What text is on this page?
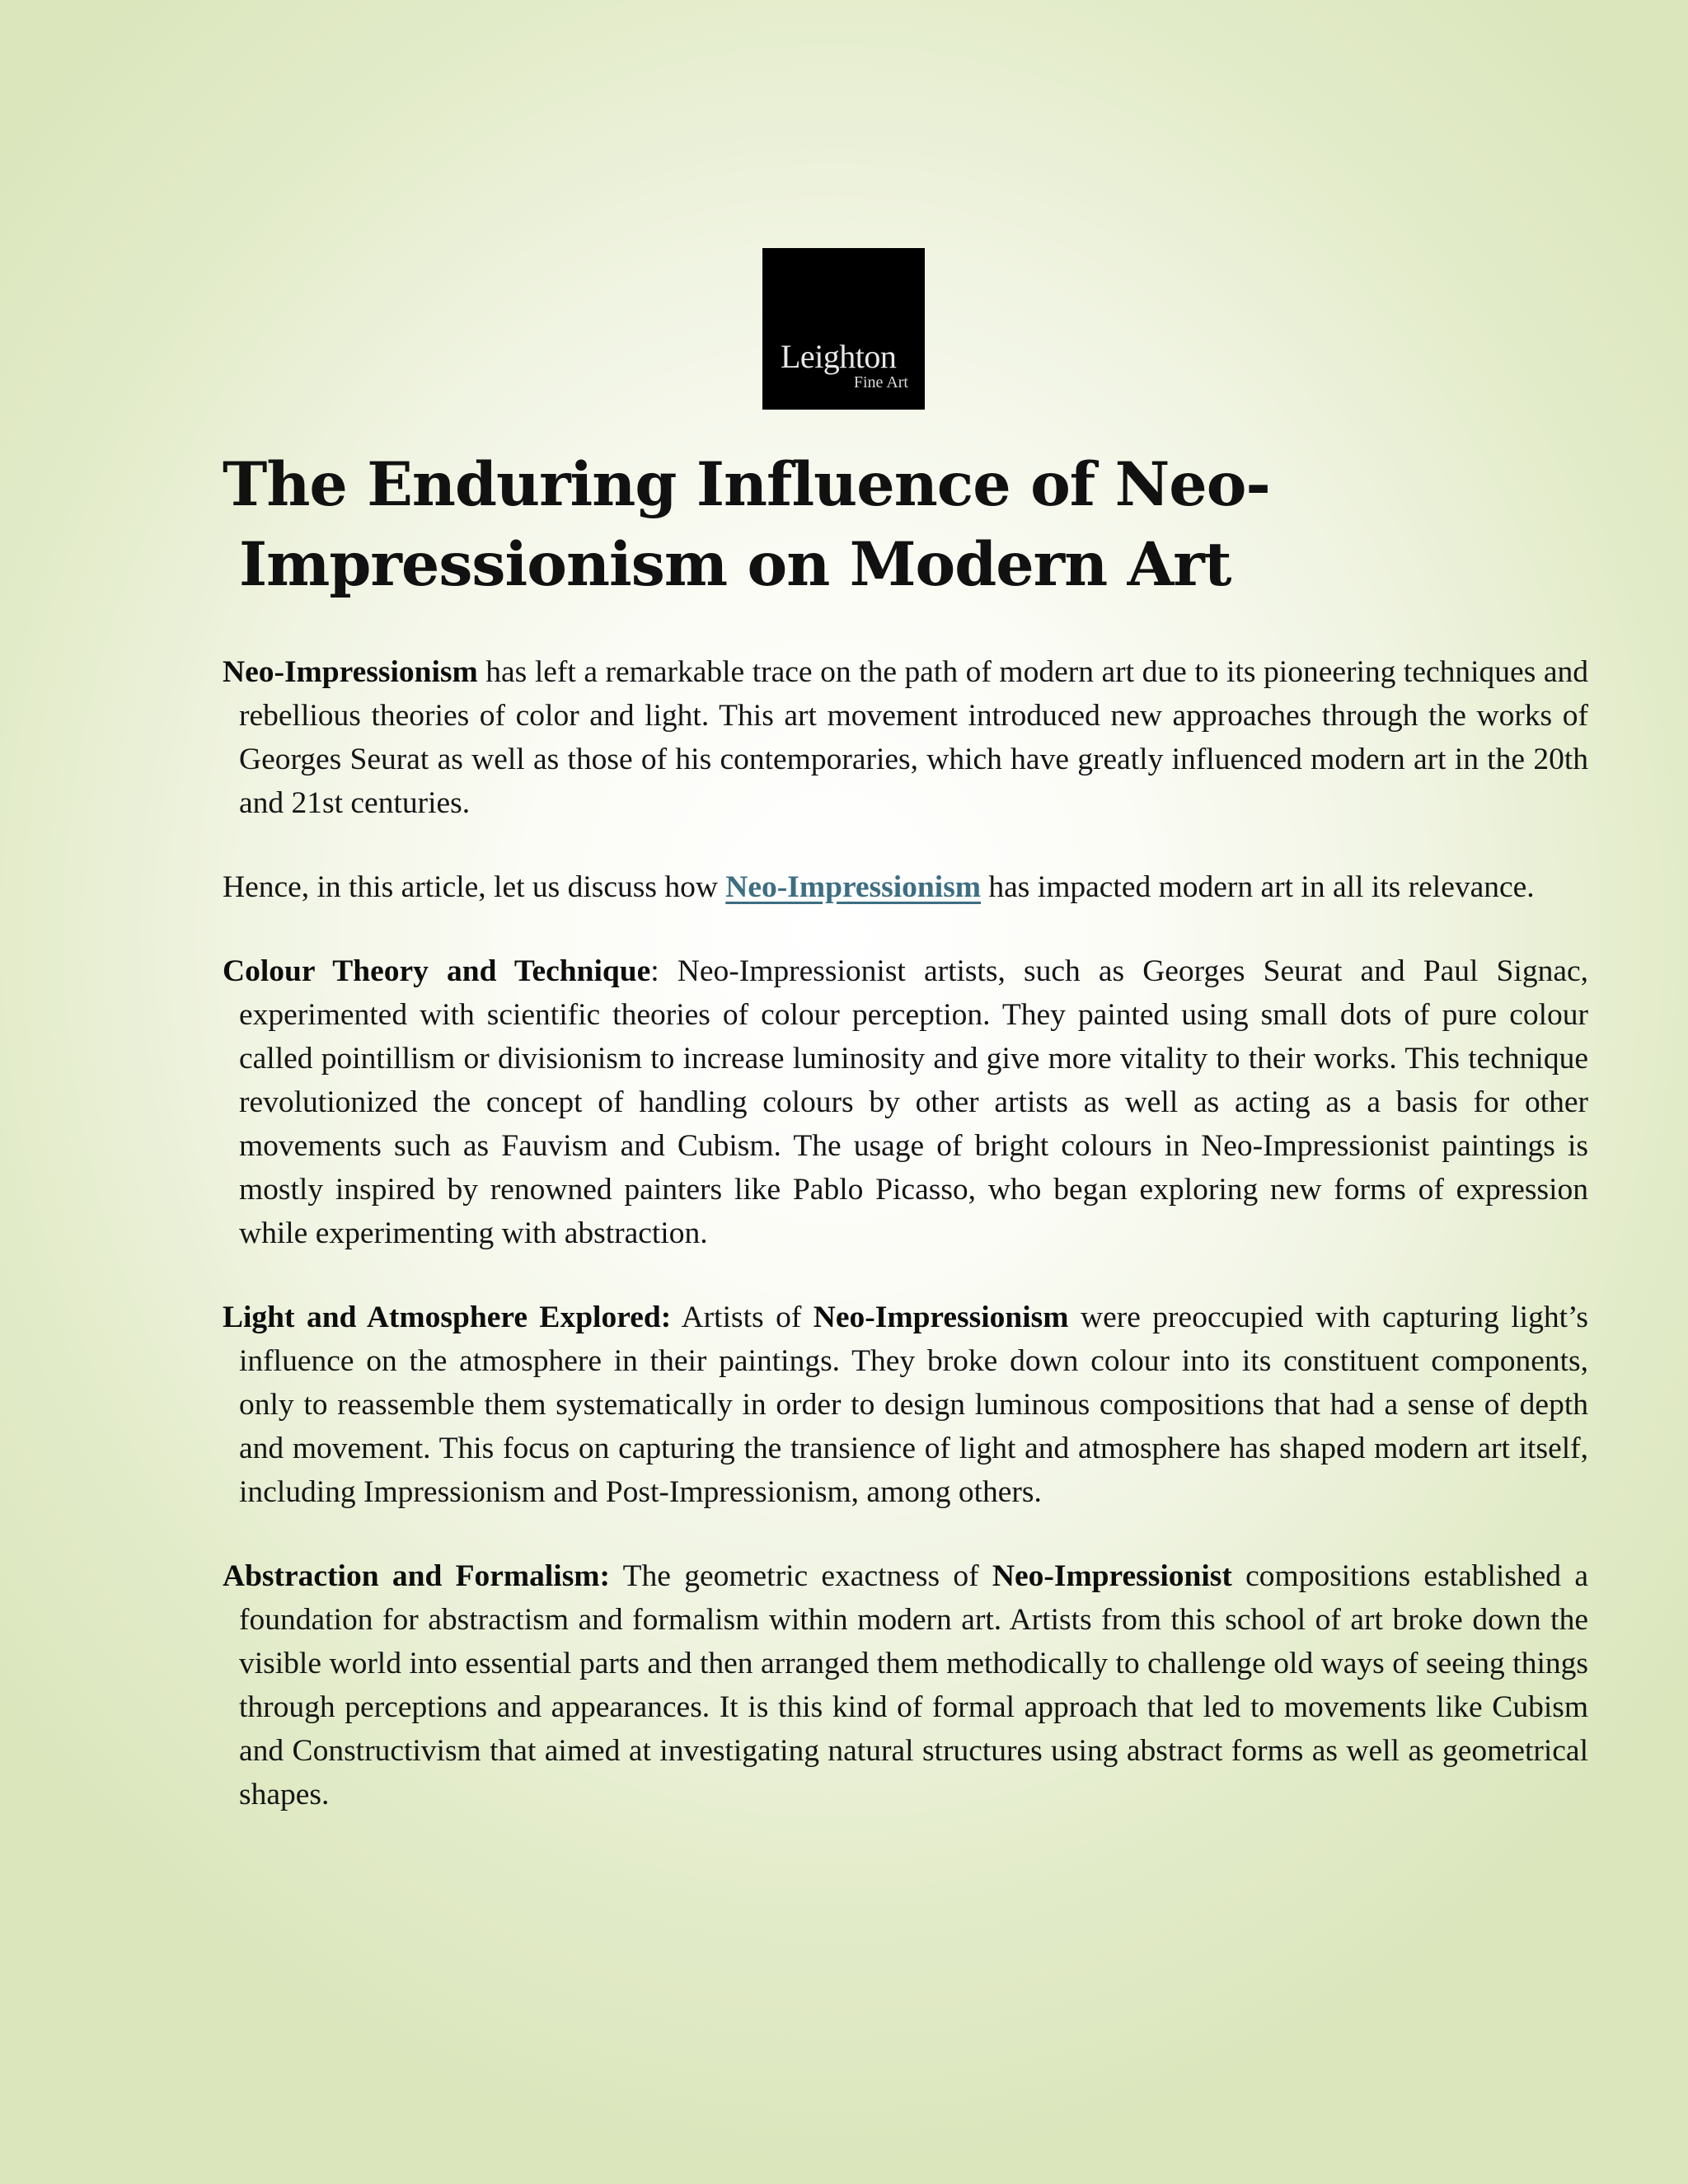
Leighton
Fine Art
The Enduring Influence of Neo-
Impressionism on Modern Art

Neo-Impressionism has left a remarkable trace on the path of modern art due to its pioneering techniques and rebellious theories of color and light. This art movement introduced new approaches through the works of Georges Seurat as well as those of his contemporaries, which have greatly influenced modern art in the 20th and 21st centuries.

Hence, in this article, let us discuss how Neo-Impressionism has impacted modern art in all its relevance.

Colour Theory and Technique: Neo-Impressionist artists, such as Georges Seurat and Paul Signac, experimented with scientific theories of colour perception. They painted using small dots of pure colour called pointillism or divisionism to increase luminosity and give more vitality to their works. This technique revolutionized the concept of handling colours by other artists as well as acting as a basis for other movements such as Fauvism and Cubism. The usage of bright colours in Neo-Impressionist paintings is mostly inspired by renowned painters like Pablo Picasso, who began exploring new forms of expression while experimenting with abstraction.

Light and Atmosphere Explored: Artists of Neo-Impressionism were preoccupied with capturing light’s influence on the atmosphere in their paintings. They broke down colour into its constituent components, only to reassemble them systematically in order to design luminous compositions that had a sense of depth and movement. This focus on capturing the transience of light and atmosphere has shaped modern art itself, including Impressionism and Post-Impressionism, among others.

Abstraction and Formalism: The geometric exactness of Neo-Impressionist compositions established a foundation for abstractism and formalism within modern art. Artists from this school of art broke down the visible world into essential parts and then arranged them methodically to challenge old ways of seeing things through perceptions and appearances. It is this kind of formal approach that led to movements like Cubism and Constructivism that aimed at investigating natural structures using abstract forms as well as geometrical shapes.
